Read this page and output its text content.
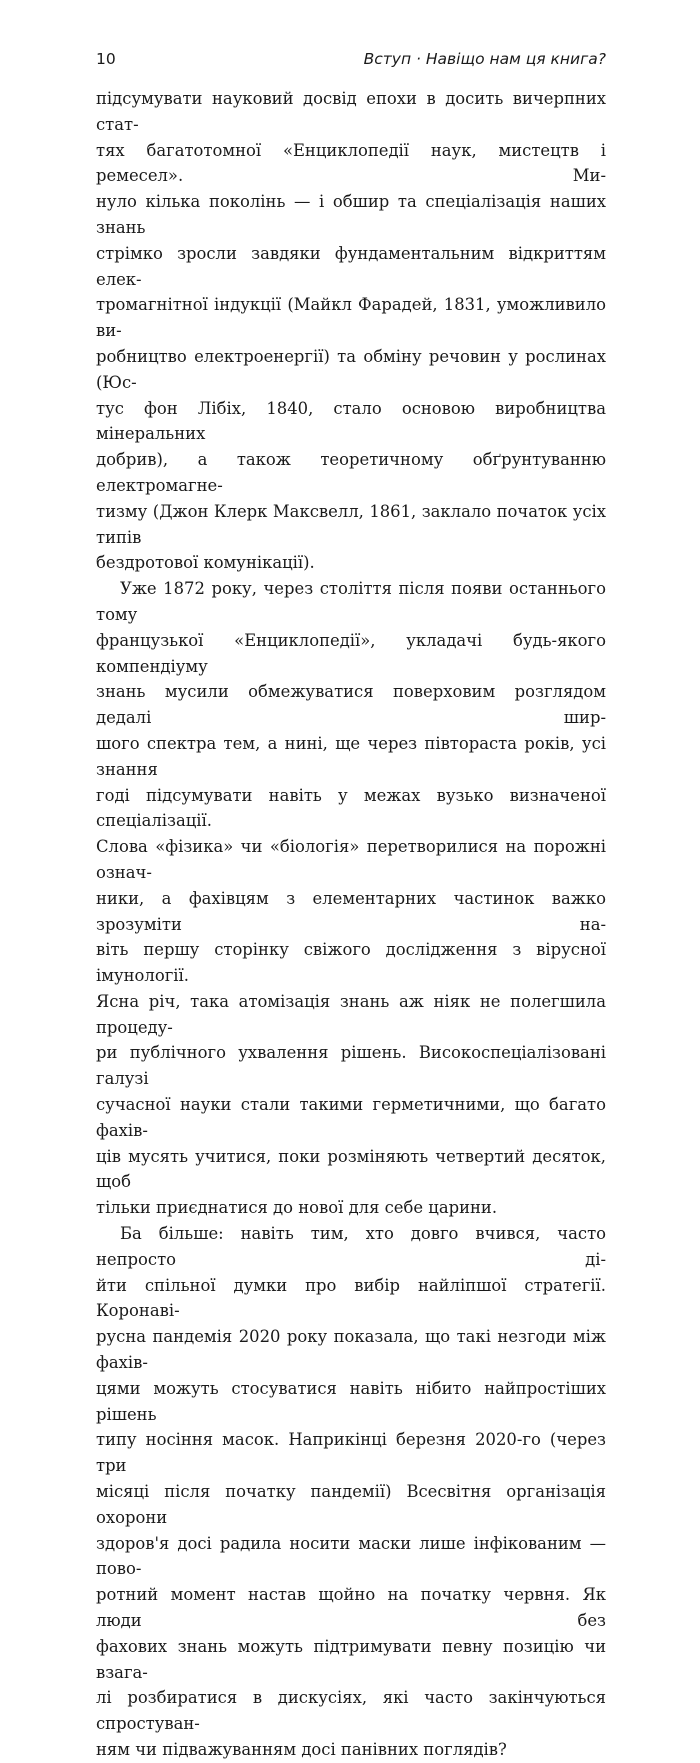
10	Вступ · Навіщо нам ця книга?

підсумувати науковий досвід епохи в досить вичерпних стат-

тях багатотомної «Енциклопедії наук, мистецтв і ремесел». Ми-

нуло кілька поколінь — і обшир та спеціалізація наших знань

стрімко зросли завдяки фундаментальним відкриттям елек-

тромагнітної індукції (Майкл Фарадей, 1831, уможливило ви-

робництво електроенергії) та обміну речовин у рослинах (Юс-

тус фон Лібіх, 1840, стало основою виробництва мінеральних

добрив), а також теоретичному обґрунтуванню електромагне-

тизму (Джон Клерк Максвелл, 1861, заклало початок усіх типів

бездротової комунікації).

Уже 1872 року, через століття після появи останнього тому

французької «Енциклопедії», укладачі будь-якого компендіуму

знань мусили обмежуватися поверховим розглядом дедалі шир-

шого спектра тем, а нині, ще через півтораста років, усі знання

годі підсумувати навіть у межах вузько визначеної спеціалізації.

Слова «фізика» чи «біологія» перетворилися на порожні означ-

ники, а фахівцям з елементарних частинок важко зрозуміти на-

віть першу сторінку свіжого дослідження з вірусної імунології.

Ясна річ, така атомізація знань аж ніяк не полегшила процеду-

ри публічного ухвалення рішень. Високоспеціалізовані галузі

сучасної науки стали такими герметичними, що багато фахів-

ців мусять учитися, поки розміняють четвертий десяток, щоб

тільки приєднатися до нової для себе царини.

Ба більше: навіть тим, хто довго вчився, часто непросто ді-

йти спільної думки про вибір найліпшої стратегії. Коронаві-

русна пандемія 2020 року показала, що такі незгоди між фахів-

цями можуть стосуватися навіть нібито найпростіших рішень

типу носіння масок. Наприкінці березня 2020-го (через три

місяці після початку пандемії) Всесвітня організація охорони

здоров'я досі радила носити маски лише інфікованим — пово-

ротний момент настав щойно на початку червня. Як люди без

фахових знань можуть підтримувати певну позицію чи взага-

лі розбиратися в дискусіях, які часто закінчуються спростуван-

ням чи підважуванням досі панівних поглядів?
